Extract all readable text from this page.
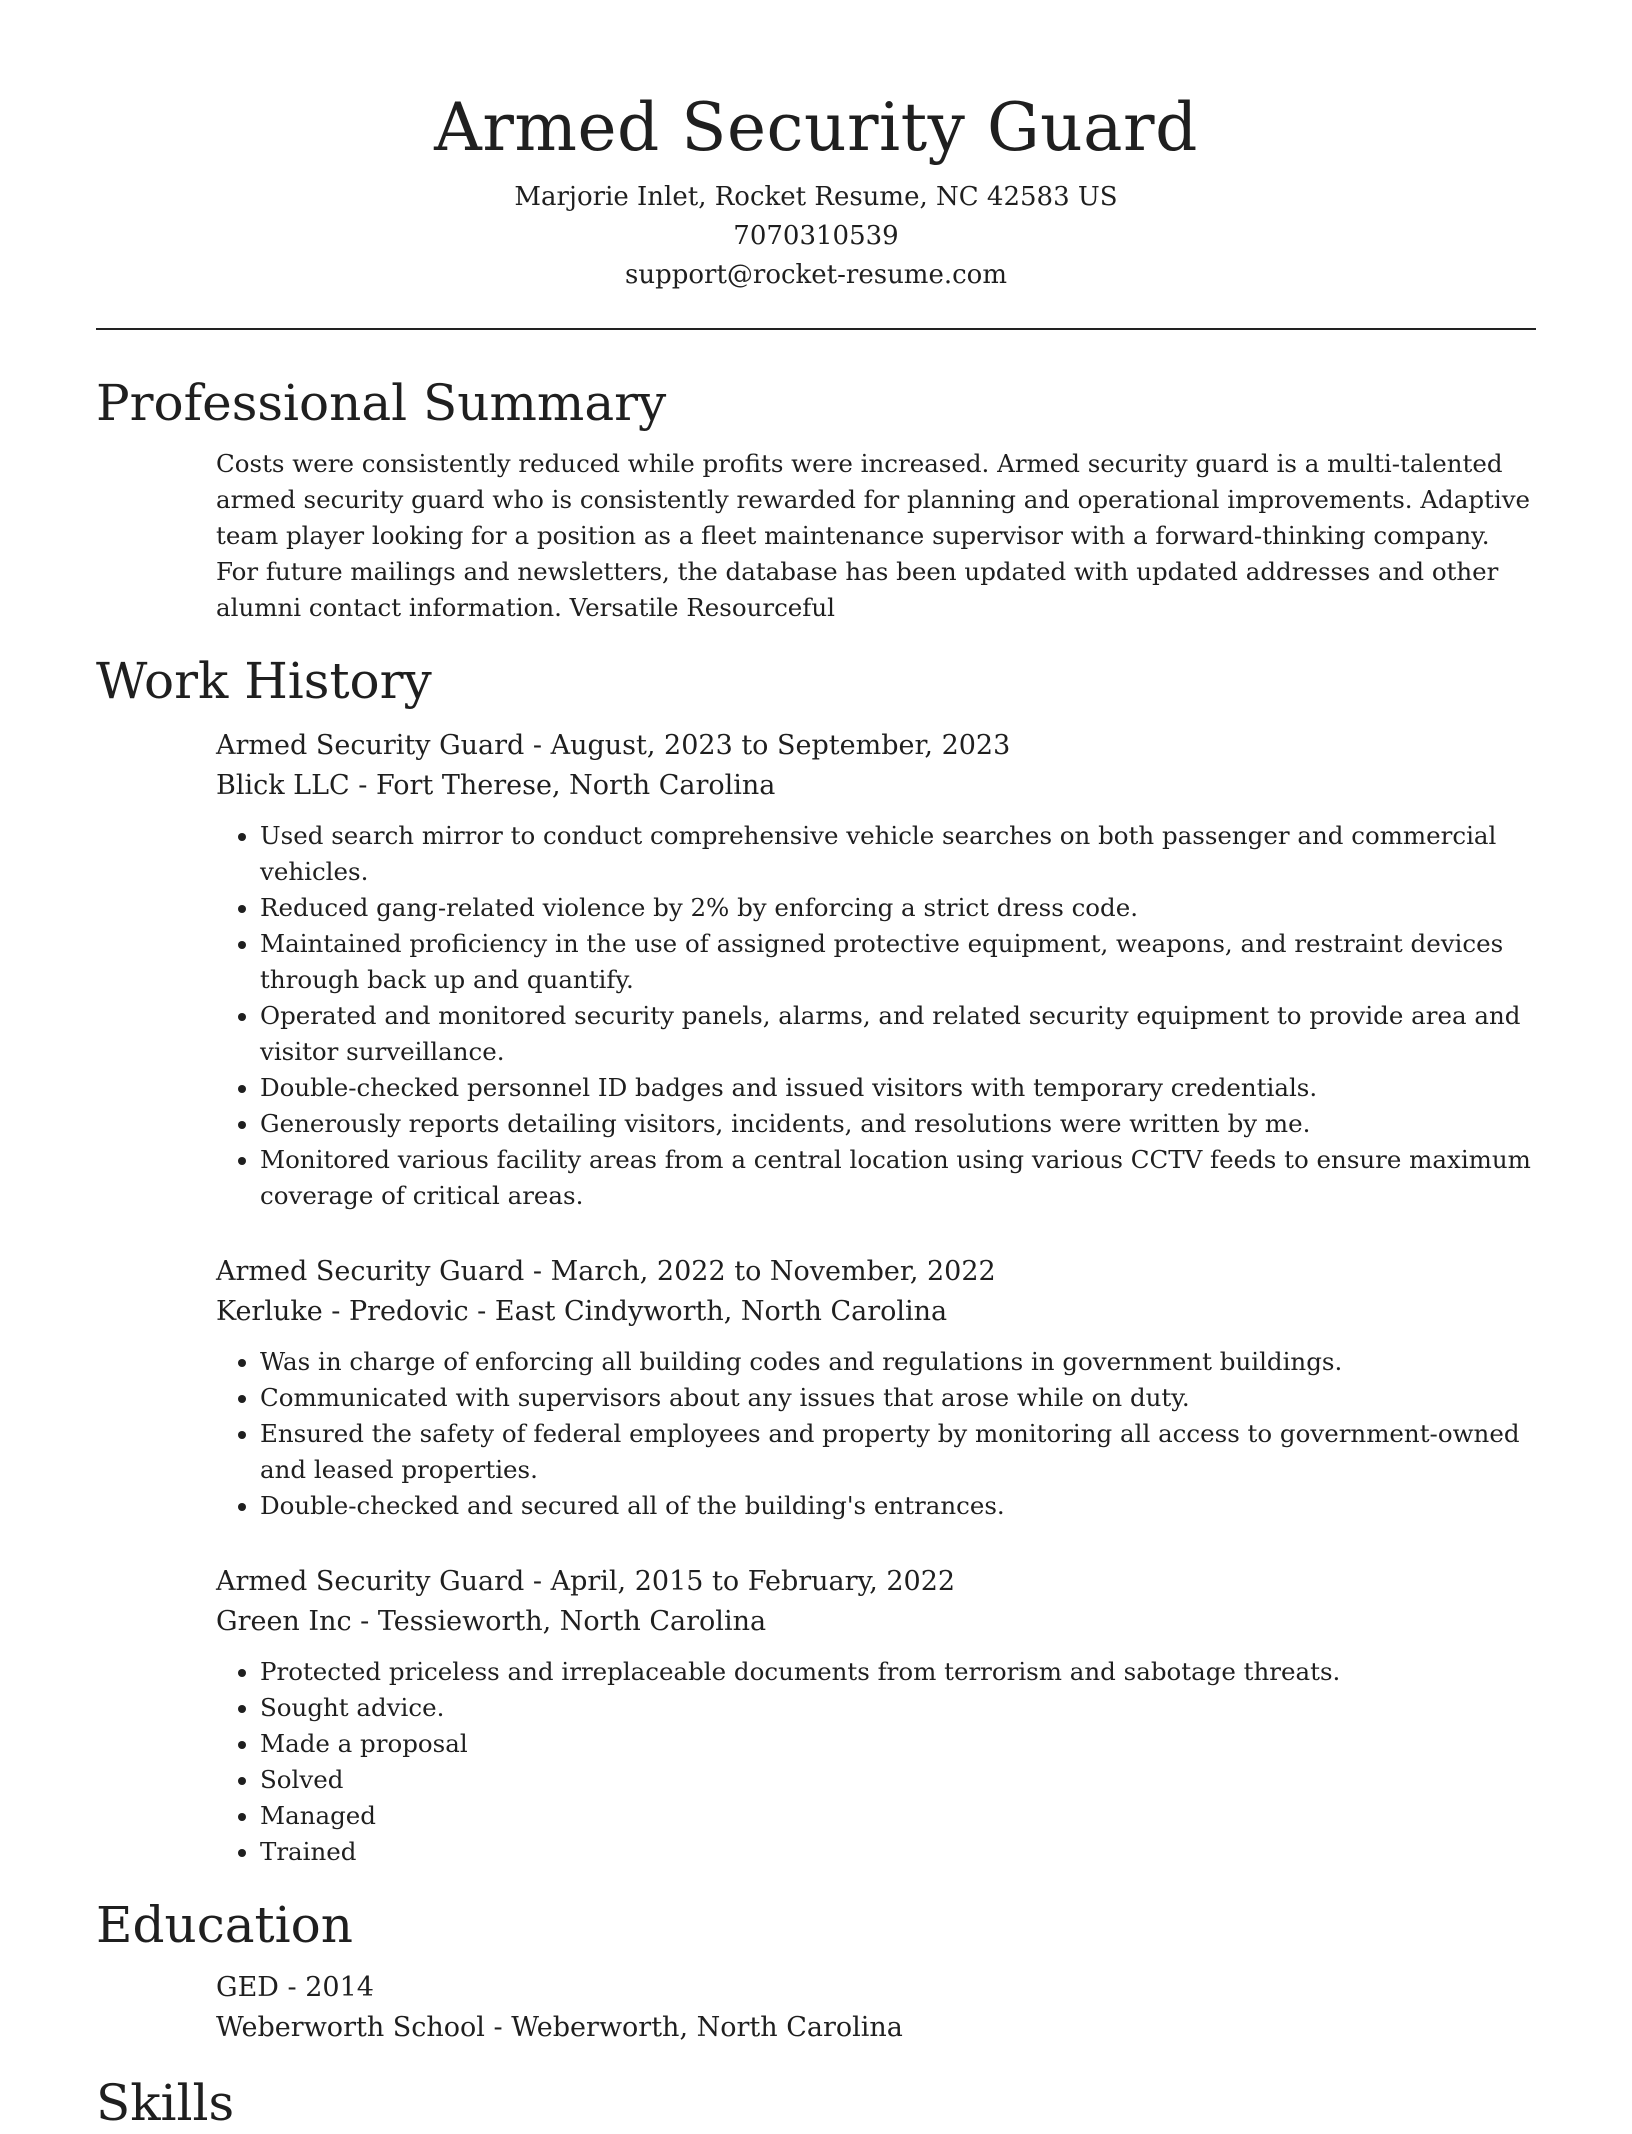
Armed Security Guard
Marjorie Inlet, Rocket Resume, NC 42583 US
7070310539
support@rocket-resume.com
Professional Summary
Costs were consistently reduced while profits were increased. Armed security guard is a multi-talented armed security guard who is consistently rewarded for planning and operational improvements. Adaptive team player looking for a position as a fleet maintenance supervisor with a forward-thinking company. For future mailings and newsletters, the database has been updated with updated addresses and other alumni contact information. Versatile Resourceful
Work History
Armed Security Guard - August, 2023 to September, 2023
Blick LLC - Fort Therese, North Carolina
• Used search mirror to conduct comprehensive vehicle searches on both passenger and commercial vehicles.
• Reduced gang-related violence by 2% by enforcing a strict dress code.
• Maintained proficiency in the use of assigned protective equipment, weapons, and restraint devices through back up and quantify.
• Operated and monitored security panels, alarms, and related security equipment to provide area and visitor surveillance.
• Double-checked personnel ID badges and issued visitors with temporary credentials.
• Generously reports detailing visitors, incidents, and resolutions were written by me.
• Monitored various facility areas from a central location using various CCTV feeds to ensure maximum coverage of critical areas.
Armed Security Guard - March, 2022 to November, 2022
Kerluke - Predovic - East Cindyworth, North Carolina
• Was in charge of enforcing all building codes and regulations in government buildings.
• Communicated with supervisors about any issues that arose while on duty.
• Ensured the safety of federal employees and property by monitoring all access to government-owned and leased properties.
• Double-checked and secured all of the building's entrances.
Armed Security Guard - April, 2015 to February, 2022
Green Inc - Tessieworth, North Carolina
• Protected priceless and irreplaceable documents from terrorism and sabotage threats.
• Sought advice.
• Made a proposal
• Solved
• Managed
• Trained
Education
GED - 2014
Weberworth School - Weberworth, North Carolina
Skills
